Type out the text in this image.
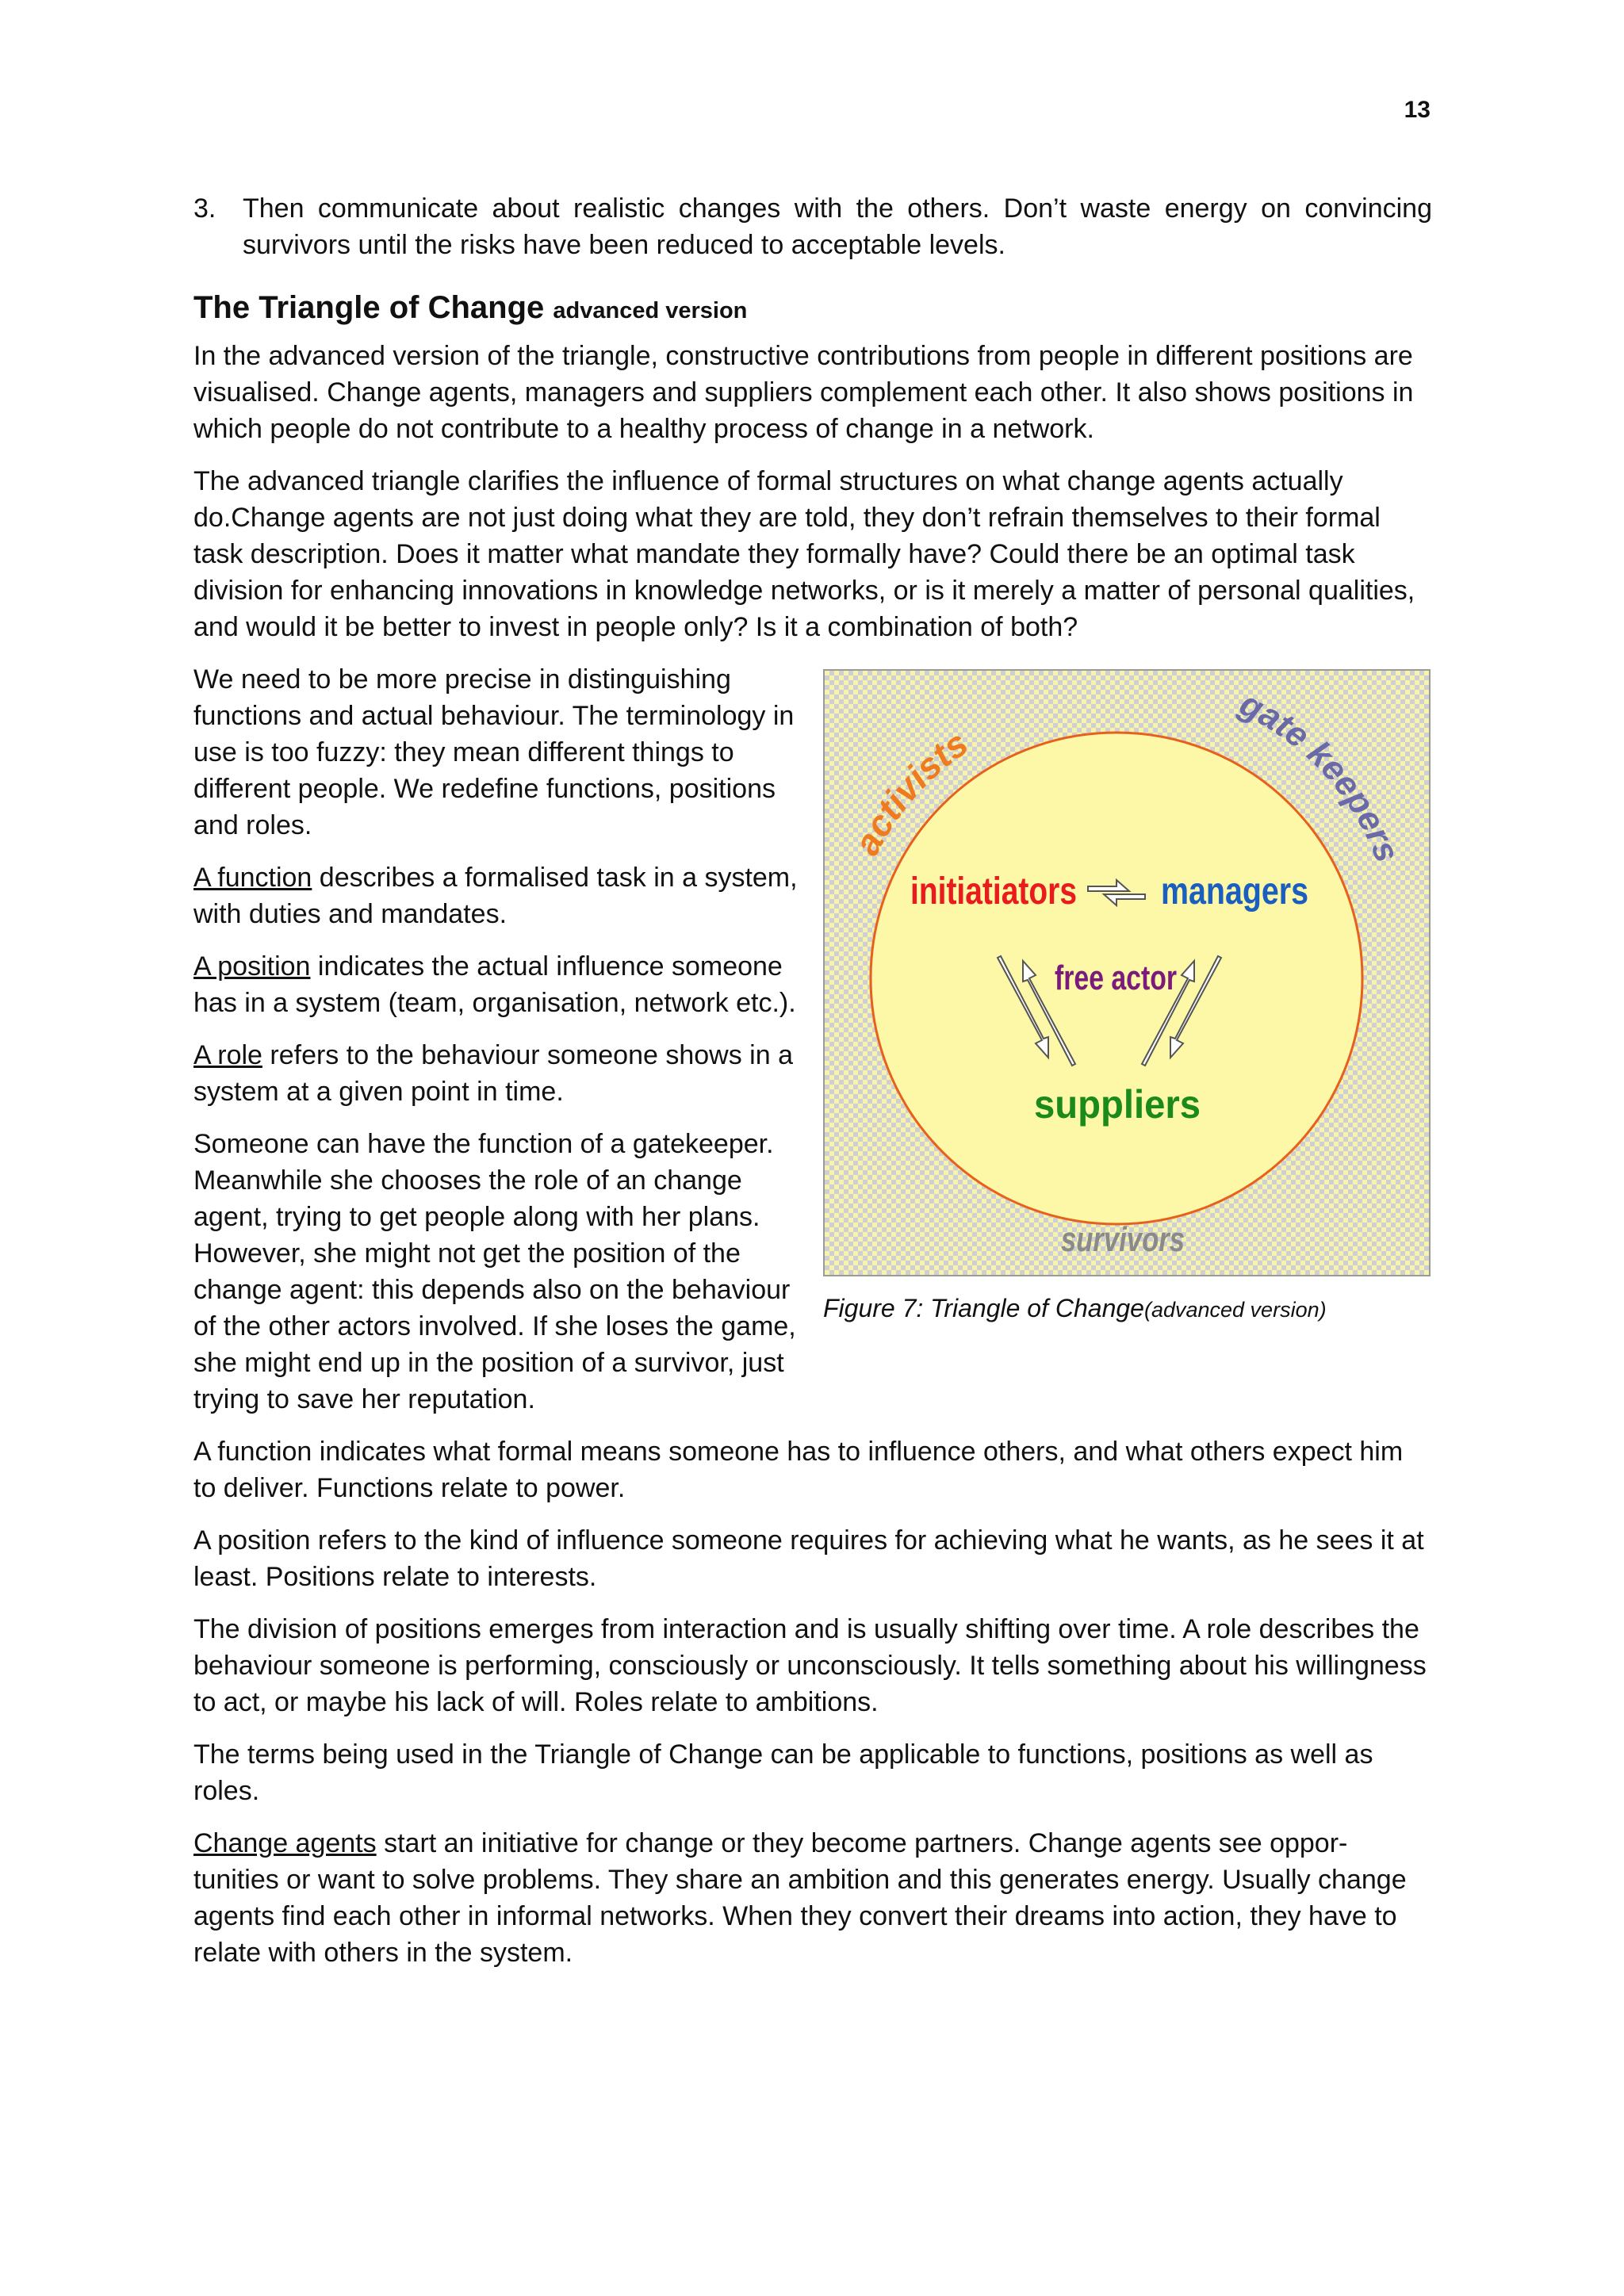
13
3. Then communicate about realistic changes with the others. Don’t waste energy on convincing survivors until the risks have been reduced to acceptable levels.
The Triangle of Change advanced version

In the advanced version of the triangle, constructive contributions from people in different positions are visualised. Change agents, managers and suppliers complement each other. It also shows positions in which people do not contribute to a healthy process of change in a network.

The advanced triangle clarifies the influence of formal structures on what change agents actually do.Change agents are not just doing what they are told, they don’t refrain themselves to their formal task description. Does it matter what mandate they formally have? Could there be an optimal task division for enhancing innovations in knowledge networks, or is it merely a matter of personal qualities, and would it be better to invest in people only? Is it a combination of both?

We need to be more precise in distinguishing functions and actual behaviour. The terminology in use is too fuzzy: they mean different things to different people. We redefine functions, positions and roles.

A function describes a formalised task in a system, with duties and mandates.

A position indicates the actual influence someone has in a system (team, organisation, network etc.).

A role refers to the behaviour someone shows in a system at a given point in time.

Someone can have the function of a gatekeeper. Meanwhile she chooses the role of an change agent, trying to get people along with her plans. However, she might not get the position of the change agent: this depends also on the behaviour of the other actors involved. If she loses the game, she might end up in the position of a survivor, just trying to save her reputation.

activists
gate keepers
initiatiators managers
free actor
suppliers
survivors
Figure 7: Triangle of Change(advanced version)

A function indicates what formal means someone has to influence others, and what others expect him to deliver. Functions relate to power.

A position refers to the kind of influence someone requires for achieving what he wants, as he sees it at least. Positions relate to interests.

The division of positions emerges from interaction and is usually shifting over time. A role describes the behaviour someone is performing, consciously or unconsciously. It tells something about his willingness to act, or maybe his lack of will. Roles relate to ambitions.

The terms being used in the Triangle of Change can be applicable to functions, positions as well as roles.

Change agents start an initiative for change or they become partners. Change agents see oppor-tunities or want to solve problems. They share an ambition and this generates energy. Usually change agents find each other in informal networks. When they convert their dreams into action, they have to relate with others in the system.
